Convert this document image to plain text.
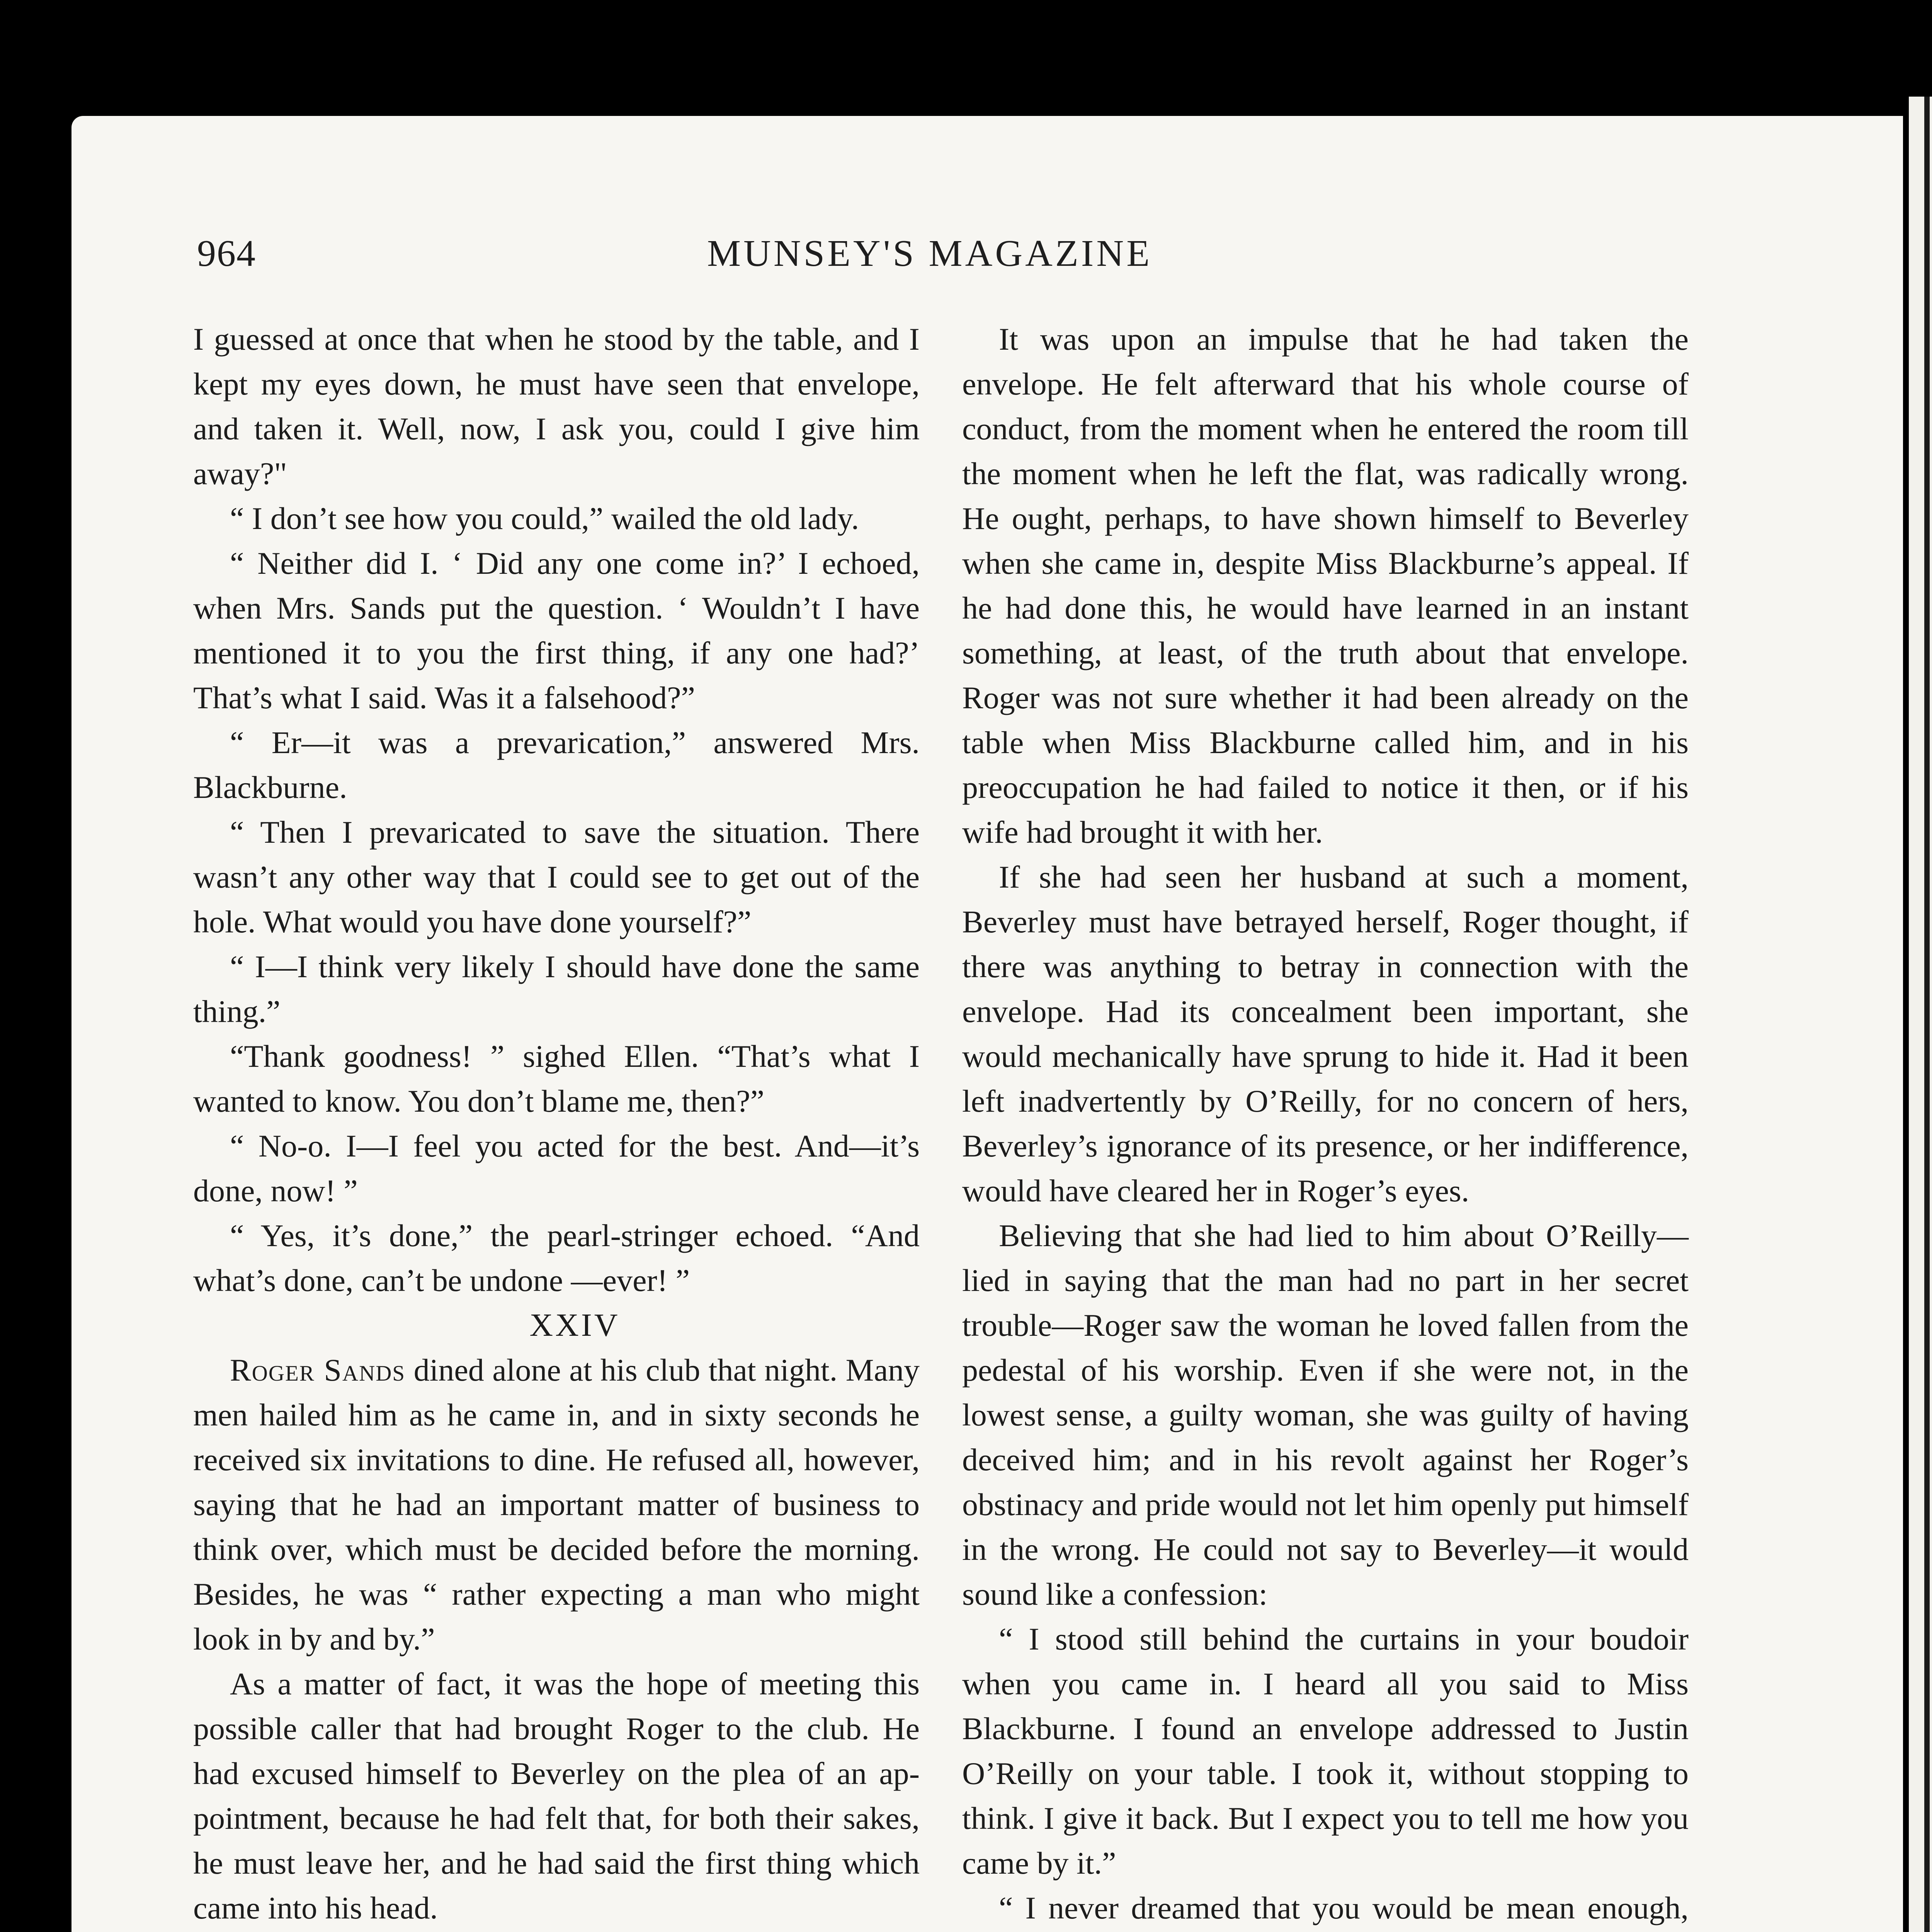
964	MUNSEY'S MAGAZINE

I guessed at once that when he stood by the table, and I kept my eyes down, he must have seen that envelope, and taken it. Well, now, I ask you, could I give him away?"

“ I don’t see how you could,” wailed the old lady.

“ Neither did I. ‘ Did any one come in?’ I echoed, when Mrs. Sands put the question. ‘ Wouldn’t I have mentioned it to you the first thing, if any one had?’ That’s what I said. Was it a falsehood?”

“ Er—it was a prevarication,” answered Mrs. Blackburne.

“ Then I prevaricated to save the situation. There wasn’t any other way that I could see to get out of the hole. What would you have done yourself?”

“ I—I think very likely I should have done the same thing.”

“Thank goodness! ” sighed Ellen. “That’s what I wanted to know. You don’t blame me, then?”

“ No-o. I—I feel you acted for the best. And—it’s done, now! ”

“ Yes, it’s done,” the pearl-stringer echoed. “And what’s done, can’t be undone —ever! ”

XXIV

Roger Sands dined alone at his club that night. Many men hailed him as he came in, and in sixty seconds he received six invitations to dine. He refused all, however, saying that he had an important matter of business to think over, which must be decided before the morning. Besides, he was “ rather expecting a man who might look in by and by.”

As a matter of fact, it was the hope of meeting this possible caller that had brought Roger to the club. He had excused himself to Beverley on the plea of an appointment, because he had felt that, for both their sakes, he must leave her, and he had said the first thing which came into his head.

It was upon an impulse that he had taken the envelope. He felt afterward that his whole course of conduct, from the moment when he entered the room till the moment when he left the flat, was radically wrong. He ought, perhaps, to have shown himself to Beverley when she came in, despite Miss Blackburne’s appeal. If he had done this, he would have learned in an instant something, at least, of the truth about that envelope. Roger was not sure whether it had been already on the table when Miss Blackburne called him, and in his preoccupation he had failed to notice it then, or if his wife had brought it with her.

If she had seen her husband at such a moment, Beverley must have betrayed herself, Roger thought, if there was anything to betray in connection with the envelope. Had its concealment been important, she would mechanically have sprung to hide it. Had it been left inadvertently by O’Reilly, for no concern of hers, Beverley’s ignorance of its presence, or her indifference, would have cleared her in Roger’s eyes.

Believing that she had lied to him about O’Reilly—lied in saying that the man had no part in her secret trouble—Roger saw the woman he loved fallen from the pedestal of his worship. Even if she were not, in the lowest sense, a guilty woman, she was guilty of having deceived him; and in his revolt against her Roger’s obstinacy and pride would not let him openly put himself in the wrong. He could not say to Beverley—it would sound like a confession:

“ I stood still behind the curtains in your boudoir when you came in. I heard all you said to Miss Blackburne. I found an envelope addressed to Justin O’Reilly on your table. I took it, without stopping to think. I give it back. But I expect you to tell me how you came by it.”

“ I never dreamed that you would be mean enough,
